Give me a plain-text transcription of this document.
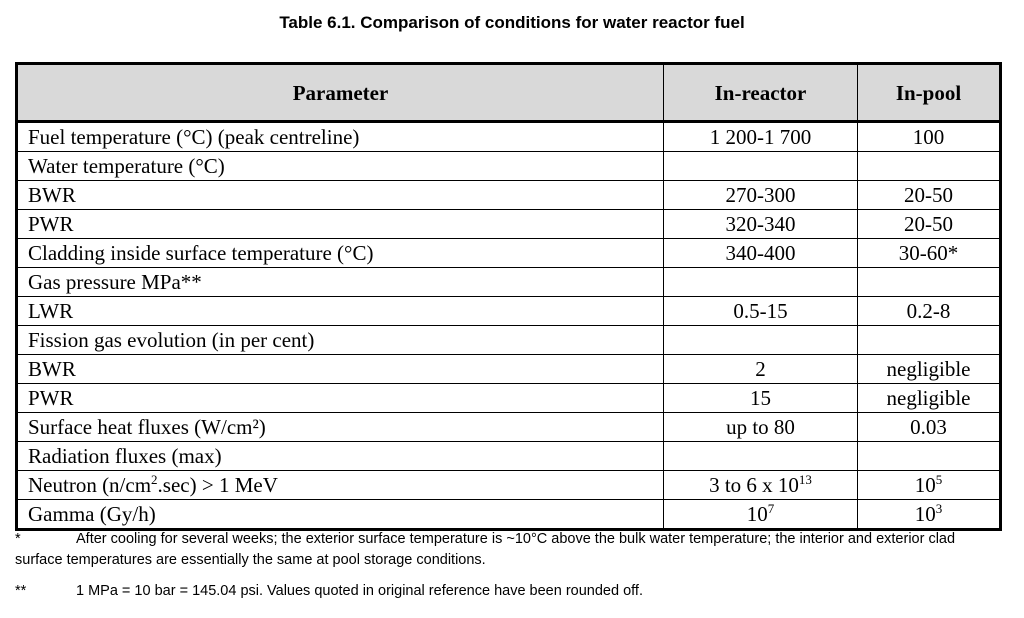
Table 6.1. Comparison of conditions for water reactor fuel
Parameter	In-reactor	In-pool
Fuel temperature (°C) (peak centreline)	1 200-1 700	100
Water temperature (°C)		
BWR	270-300	20-50
PWR	320-340	20-50
Cladding inside surface temperature (°C)	340-400	30-60*
Gas pressure MPa**		
LWR	0.5-15	0.2-8
Fission gas evolution (in per cent)		
BWR	2	negligible
PWR	15	negligible
Surface heat fluxes (W/cm²)	up to 80	0.03
Radiation fluxes (max)		
Neutron $(n/cm^2.\sec) > 1$ MeV	3 to 6 x $10^{13}$	$10^5$
Gamma (Gy/h)	$10^7$	$10^3$
*	After cooling for several weeks; the exterior surface temperature is ~10°C above the bulk water temperature; the interior and exterior clad surface temperatures are essentially the same at pool storage conditions.
**	1 MPa = 10 bar = 145.04 psi. Values quoted in original reference have been rounded off.
